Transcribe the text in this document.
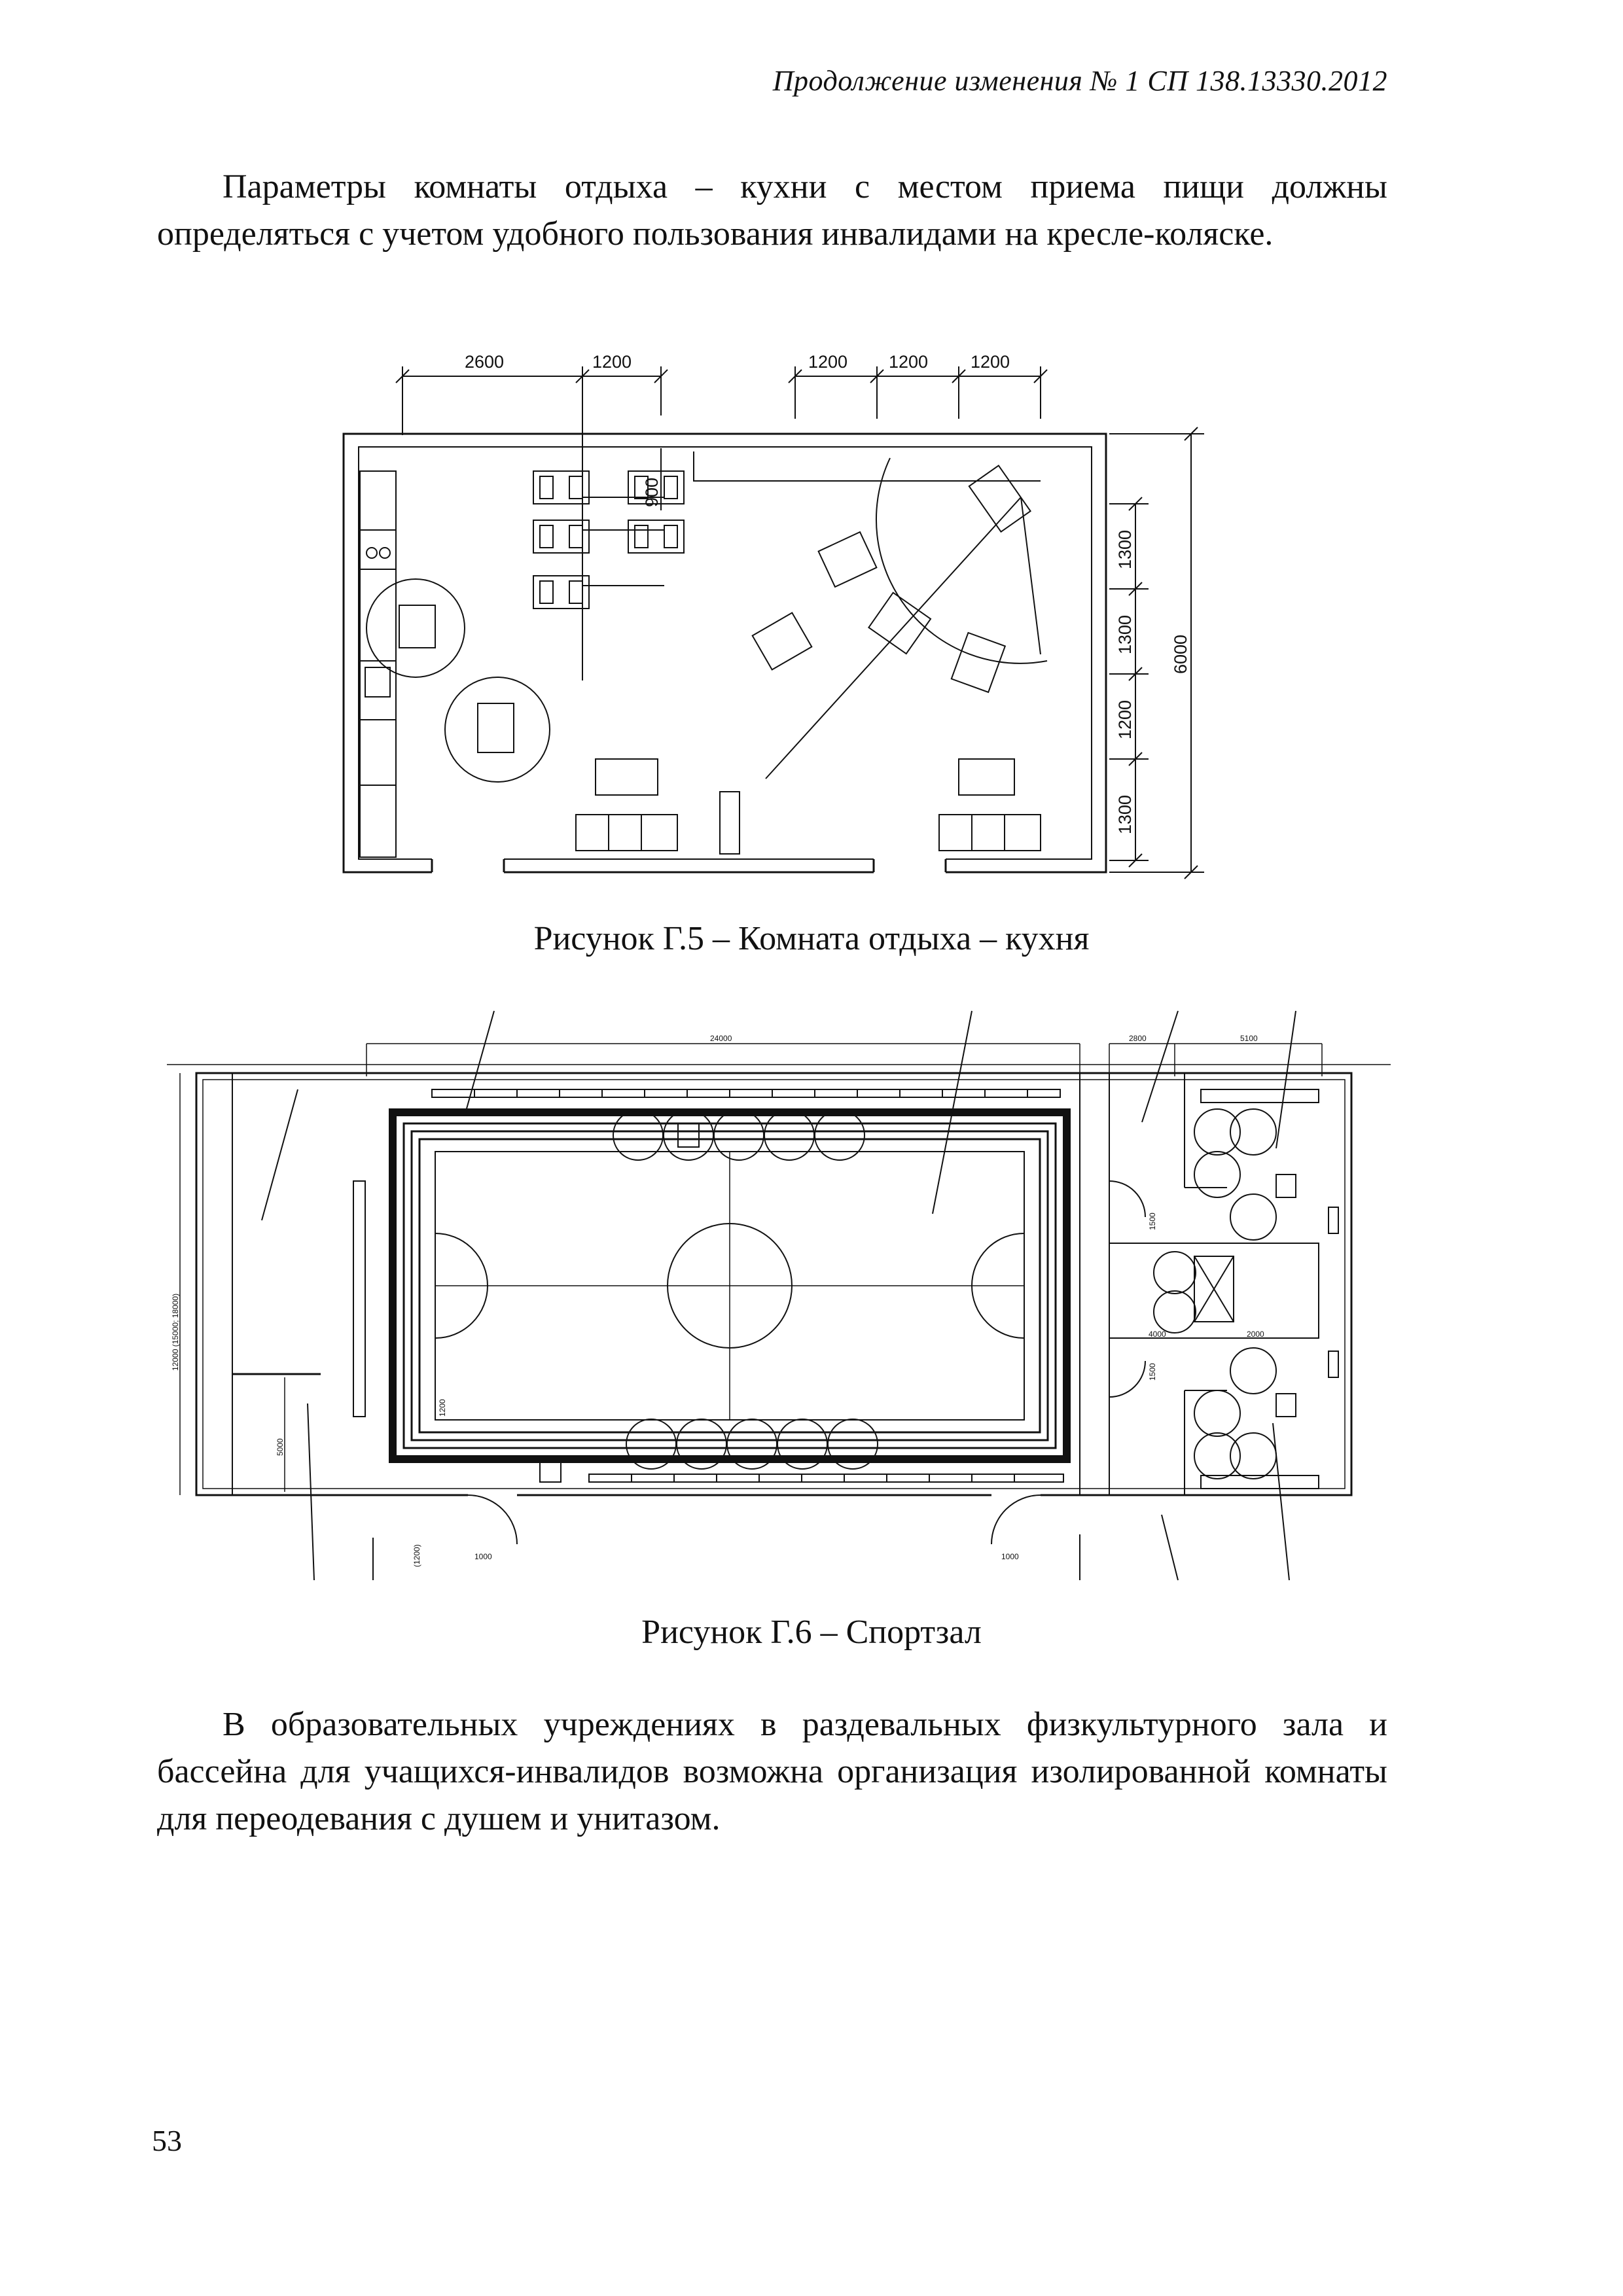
Продолжение изменения № 1 СП 138.13330.2012
Параметры комнаты отдыха – кухни с местом приема пищи должны определяться с учетом удобного пользования инвалидами на кресле-коляске.
2600	1200	1200 1200 1200
1300
1300
1200
1300
6000
900
Рисунок Г.5 – Комната отдыха – кухня
24000	2800	5100
12000 (15000; 18000)
5000
1200
1000	1000
(1200)
1500
1500
4000	2000
Рисунок Г.6 – Спортзал
В образовательных учреждениях в раздевальных физкультурного зала и бассейна для учащихся-инвалидов возможна организация изолированной комнаты для переодевания с душем и унитазом.
53
